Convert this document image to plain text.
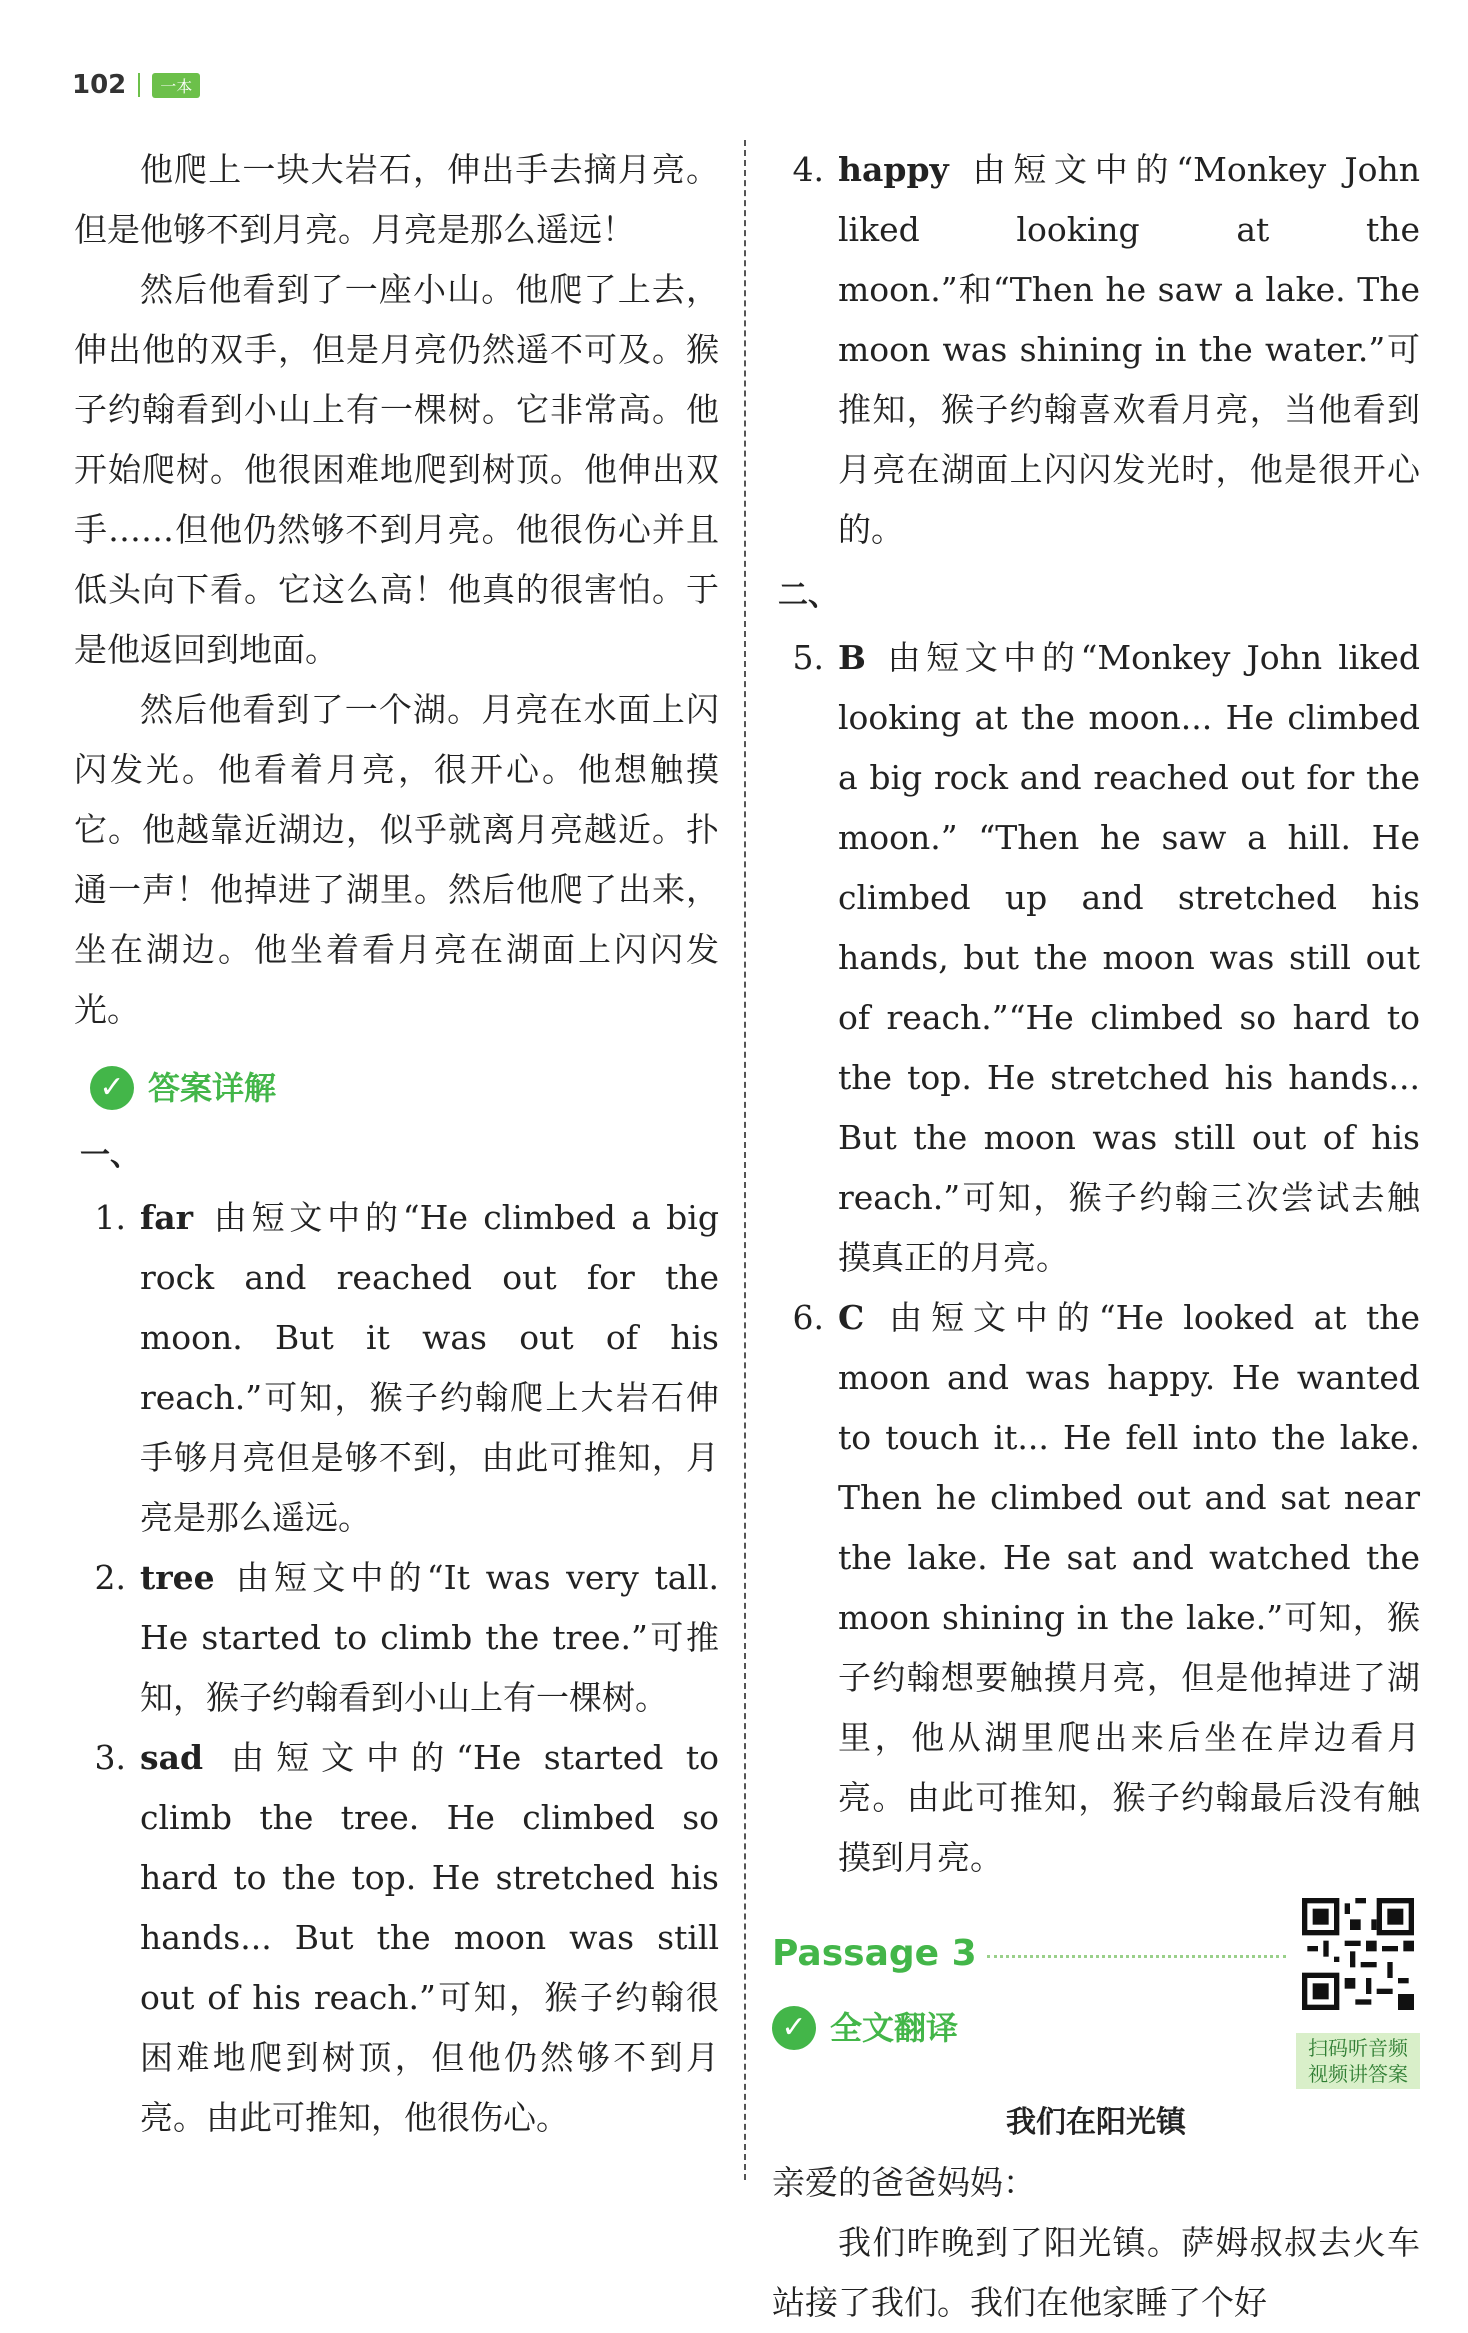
102	一本

他爬上一块大岩石，伸出手去摘月亮。但是他够不到月亮。月亮是那么遥远！

然后他看到了一座小山。他爬了上去，伸出他的双手，但是月亮仍然遥不可及。猴子约翰看到小山上有一棵树。它非常高。他开始爬树。他很困难地爬到树顶。他伸出双手……但他仍然够不到月亮。他很伤心并且低头向下看。它这么高！他真的很害怕。于是他返回到地面。

然后他看到了一个湖。月亮在水面上闪闪发光。他看着月亮，很开心。他想触摸它。他越靠近湖边，似乎就离月亮越近。扑通一声！他掉进了湖里。然后他爬了出来，坐在湖边。他坐着看月亮在湖面上闪闪发光。

✓ 答案详解
一、
1. far 由短文中的“He climbed a big rock and reached out for the moon. But it was out of his reach.”可知，猴子约翰爬上大岩石伸手够月亮但是够不到，由此可推知，月亮是那么遥远。
2. tree 由短文中的“It was very tall. He started to climb the tree.”可推知，猴子约翰看到小山上有一棵树。
3. sad 由短文中的“He started to climb the tree. He climbed so hard to the top. He stretched his hands... But the moon was still out of his reach.”可知，猴子约翰很困难地爬到树顶，但他仍然够不到月亮。由此可推知，他很伤心。
4. happy 由短文中的“Monkey John liked looking at the moon.”和“Then he saw a lake. The moon was shining in the water.”可推知，猴子约翰喜欢看月亮，当他看到月亮在湖面上闪闪发光时，他是很开心的。
二、
5. B 由短文中的“Monkey John liked looking at the moon... He climbed a big rock and reached out for the moon.” “Then he saw a hill. He climbed up and stretched his hands, but the moon was still out of reach.”“He climbed so hard to the top. He stretched his hands... But the moon was still out of his reach.”可知，猴子约翰三次尝试去触摸真正的月亮。
6. C 由短文中的“He looked at the moon and was happy. He wanted to touch it... He fell into the lake. Then he climbed out and sat near the lake. He sat and watched the moon shining in the lake.”可知，猴子约翰想要触摸月亮，但是他掉进了湖里，他从湖里爬出来后坐在岸边看月亮。由此可推知，猴子约翰最后没有触摸到月亮。
Passage 3
✓ 全文翻译
扫码听音频
视频讲答案
我们在阳光镇

亲爱的爸爸妈妈：

我们昨晚到了阳光镇。萨姆叔叔去火车站接了我们。我们在他家睡了个好
